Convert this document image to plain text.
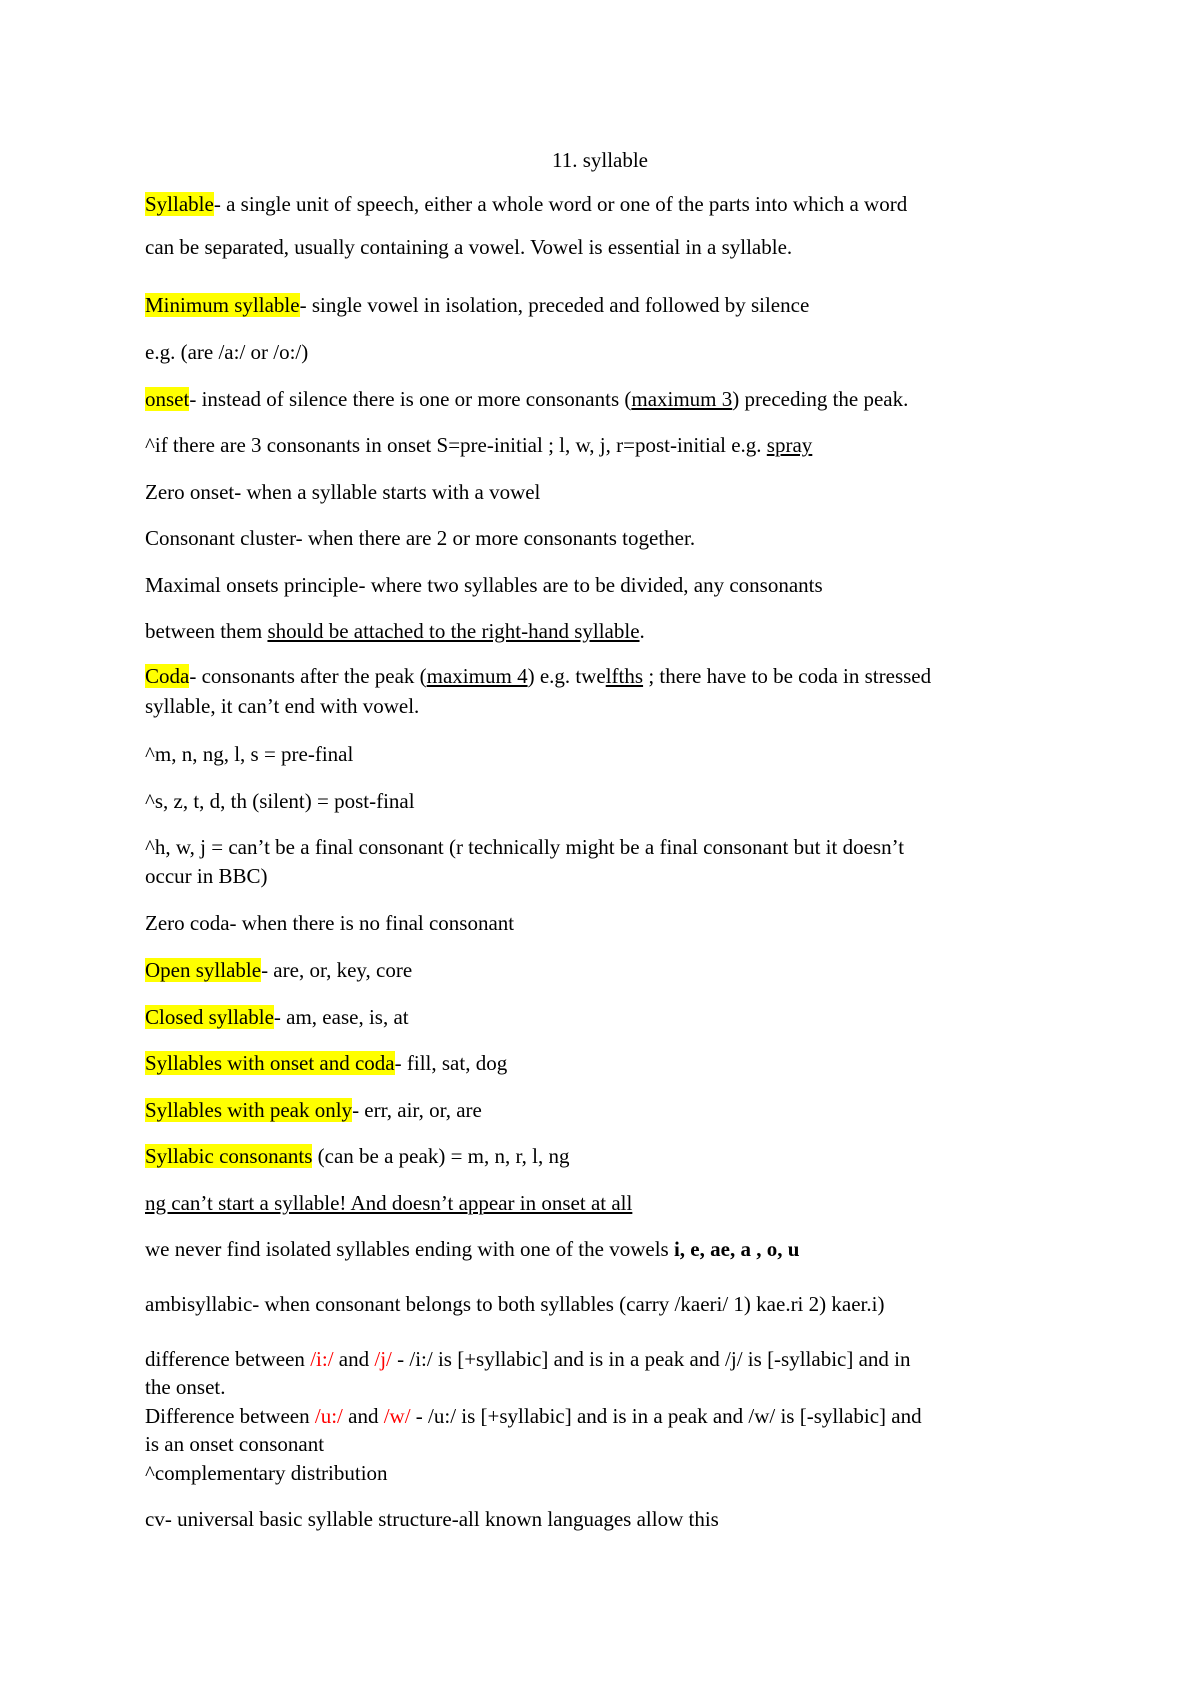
11. syllable
Syllable- a single unit of speech, either a whole word or one of the parts into which a word
can be separated, usually containing a vowel. Vowel is essential in a syllable.
Minimum syllable- single vowel in isolation, preceded and followed by silence
e.g. (are /a:/ or /o:/)
onset- instead of silence there is one or more consonants (maximum 3) preceding the peak.
^if there are 3 consonants in onset S=pre-initial ; l, w, j, r=post-initial e.g. spray
Zero onset- when a syllable starts with a vowel
Consonant cluster- when there are 2 or more consonants together.
Maximal onsets principle- where two syllables are to be divided, any consonants
between them should be attached to the right-hand syllable.
Coda- consonants after the peak (maximum 4) e.g. twelfths ; there have to be coda in stressed
syllable, it can’t end with vowel.
^m, n, ng, l, s = pre-final
^s, z, t, d, th (silent) = post-final
^h, w, j = can’t be a final consonant (r technically might be a final consonant but it doesn’t
occur in BBC)
Zero coda- when there is no final consonant
Open syllable- are, or, key, core
Closed syllable- am, ease, is, at
Syllables with onset and coda- fill, sat, dog
Syllables with peak only- err, air, or, are
Syllabic consonants (can be a peak) = m, n, r, l, ng
ng can’t start a syllable! And doesn’t appear in onset at all
we never find isolated syllables ending with one of the vowels i, e, ae, a , o, u
ambisyllabic- when consonant belongs to both syllables (carry /kaeri/ 1) kae.ri 2) kaer.i)
difference between /i:/ and /j/ - /i:/ is [+syllabic] and is in a peak and /j/ is [-syllabic] and in
the onset.
Difference between /u:/ and /w/ - /u:/ is [+syllabic] and is in a peak and /w/ is [-syllabic] and
is an onset consonant
^complementary distribution
cv- universal basic syllable structure-all known languages allow this
